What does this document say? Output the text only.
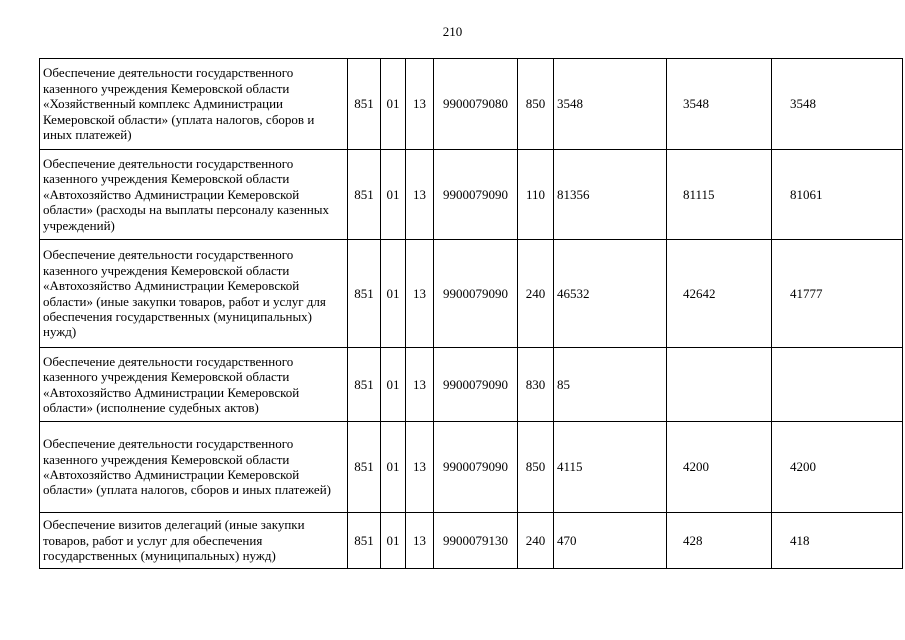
210
Обеспечение деятельности государственного казенного учреждения Кемеровской области «Хозяйственный комплекс Администрации Кемеровской области» (уплата налогов, сборов и иных платежей)	851	01	13	9900079080	850	3548	3548	3548
Обеспечение деятельности государственного казенного учреждения Кемеровской области «Автохозяйство Администрации Кемеровской области» (расходы на выплаты персоналу казенных учреждений)	851	01	13	9900079090	110	81356	81115	81061
Обеспечение деятельности государственного казенного учреждения Кемеровской области «Автохозяйство Администрации Кемеровской области» (иные закупки товаров, работ и услуг для обеспечения государственных (муниципальных) нужд)	851	01	13	9900079090	240	46532	42642	41777
Обеспечение деятельности государственного казенного учреждения Кемеровской области «Автохозяйство Администрации Кемеровской области» (исполнение судебных актов)	851	01	13	9900079090	830	85		
Обеспечение деятельности государственного казенного учреждения Кемеровской области «Автохозяйство Администрации Кемеровской области» (уплата налогов, сборов и иных платежей)	851	01	13	9900079090	850	4115	4200	4200
Обеспечение визитов делегаций (иные закупки товаров, работ и услуг для обеспечения государственных (муниципальных) нужд)	851	01	13	9900079130	240	470	428	418
